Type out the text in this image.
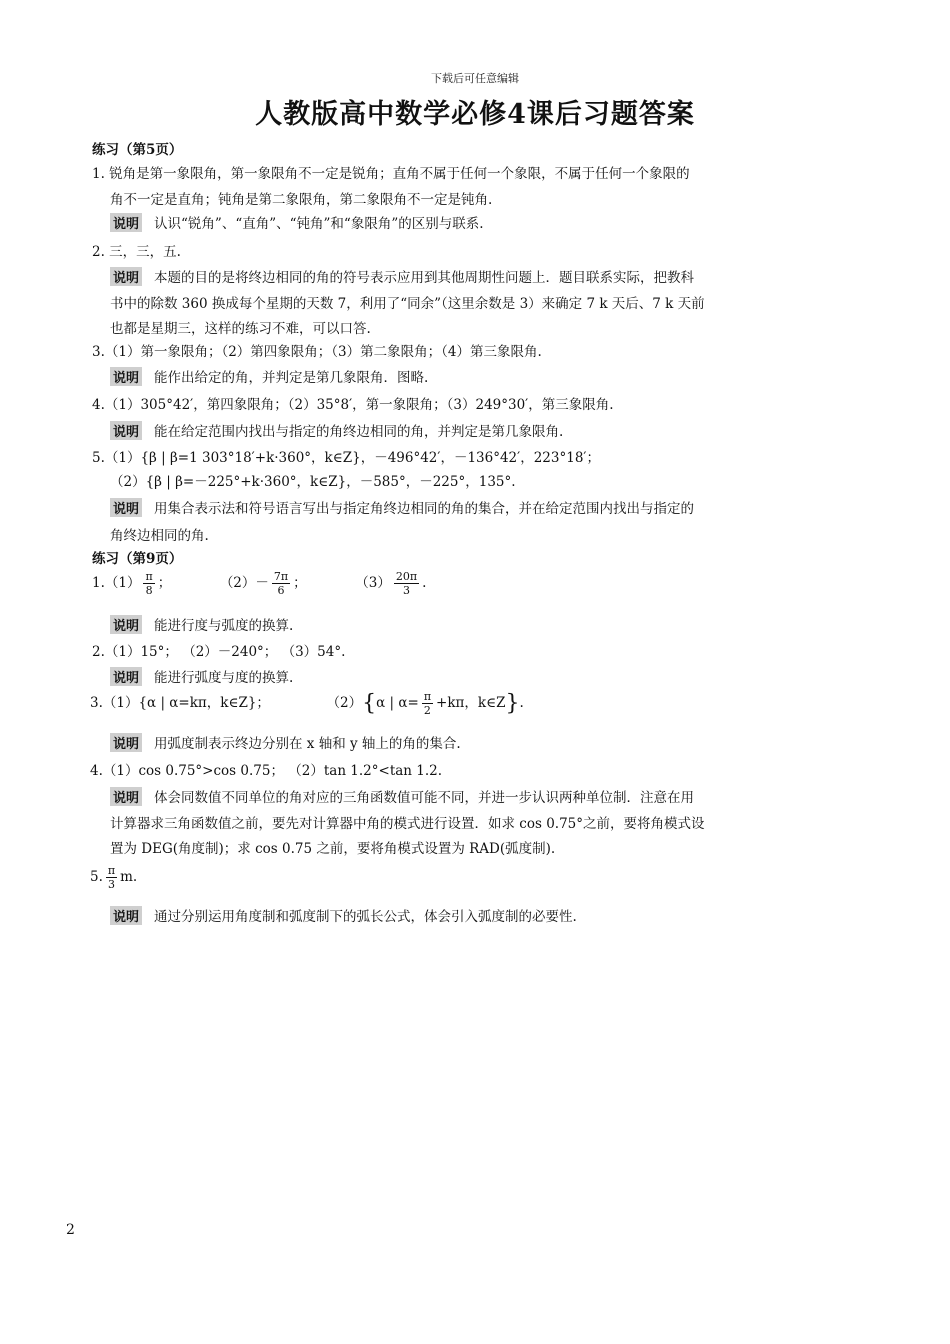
下载后可任意编辑
人教版高中数学必修4课后习题答案
练习（第5页）
1. 锐角是第一象限角，第一象限角不一定是锐角；直角不属于任何一个象限，不属于任何一个象限的
角不一定是直角；钝角是第二象限角，第二象限角不一定是钝角.
说明 认识“锐角”、“直角”、“钝角”和“象限角”的区别与联系.
2. 三，三，五.
说明 本题的目的是将终边相同的角的符号表示应用到其他周期性问题上．题目联系实际，把教科
书中的除数 360 换成每个星期的天数 7，利用了“同余”（这里余数是 3）来确定 7 k 天后、7 k 天前
也都是星期三，这样的练习不难，可以口答.
3.（1）第一象限角；（2）第四象限角；（3）第二象限角；（4）第三象限角.
说明 能作出给定的角，并判定是第几象限角．图略.
4.（1）305°42′，第四象限角；（2）35°8′，第一象限角；（3）249°30′，第三象限角.
说明 能在给定范围内找出与指定的角终边相同的角，并判定是第几象限角.
5.（1）{β | β=1 303°18′+k·360°，k∈Z}，－496°42′，－136°42′，223°18′；
（2）{β | β=－225°+k·360°，k∈Z}，－585°，－225°，135°.
说明 用集合表示法和符号语言写出与指定角终边相同的角的集合，并在给定范围内找出与指定的
角终边相同的角.
练习（第9页）
$1.(1) \frac{\pi}{8}$ ；	$(2)- \frac{7\pi}{6}$ ；	$(3) \frac{20\pi}{3}$ .
说明 能进行度与弧度的换算.
2.（1）15°； （2）－240°； （3）54°.
说明 能进行弧度与度的换算.
3.（1）{α | α=kπ，k∈Z}；	（2）{α | $\alpha= \frac{\pi}{2} +k\pi$，k∈Z}.
说明 用弧度制表示终边分别在 x 轴和 y 轴上的角的集合.
4.（1）cos 0.75°>cos 0.75； （2）tan 1.2°<tan 1.2.
说明 体会同数值不同单位的角对应的三角函数值可能不同，并进一步认识两种单位制．注意在用
计算器求三角函数值之前，要先对计算器中角的模式进行设置．如求 cos 0.75°之前，要将角模式设
置为 DEG(角度制)；求 cos 0.75 之前，要将角模式设置为 RAD(弧度制).
5. $\frac{\pi}{3} m$.
说明 通过分别运用角度制和弧度制下的弧长公式，体会引入弧度制的必要性.
2
